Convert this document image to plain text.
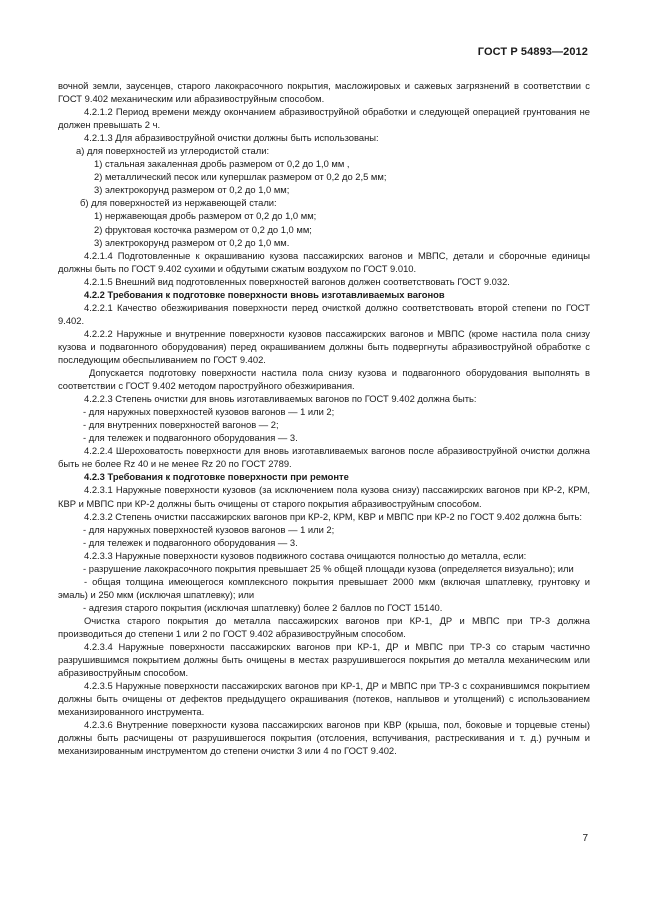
ГОСТ Р 54893—2012

вочной земли, заусенцев, старого лакокрасочного покрытия, масложировых и сажевых загрязнений в соответствии с ГОСТ 9.402 механическим или абразивоструйным способом.

4.2.1.2 Период времени между окончанием абразивоструйной обработки и следующей операцией грунтования не должен превышать 2 ч.

4.2.1.3 Для абразивоструйной очистки должны быть использованы:

а) для поверхностей из углеродистой стали:

1) стальная закаленная дробь размером от 0,2 до 1,0 мм ,

2) металлический песок или купершлак размером от 0,2 до 2,5 мм;

3) электрокорунд размером от 0,2 до 1,0 мм;

б) для поверхностей из нержавеющей стали:

1) нержавеющая дробь размером от 0,2 до 1,0 мм;

2) фруктовая косточка размером от 0,2 до 1,0 мм;

3) электрокорунд размером от 0,2 до 1,0 мм.

4.2.1.4 Подготовленные к окрашиванию кузова пассажирских вагонов и МВПС, детали и сборочные единицы должны быть по ГОСТ 9.402 сухими и обдутыми сжатым воздухом по ГОСТ 9.010.

4.2.1.5 Внешний вид подготовленных поверхностей вагонов должен соответствовать ГОСТ 9.032.

4.2.2 Требования к подготовке поверхности вновь изготавливаемых вагонов

4.2.2.1 Качество обезжиривания поверхности перед очисткой должно соответствовать второй степени по ГОСТ 9.402.

4.2.2.2 Наружные и внутренние поверхности кузовов пассажирских вагонов и МВПС (кроме настила пола снизу кузова и подвагонного оборудования) перед окрашиванием должны быть подвергнуты абразивоструйной обработке с последующим обеспыливанием по ГОСТ 9.402.

Допускается подготовку поверхности настила пола снизу кузова и подвагонного оборудования выполнять в соответствии с ГОСТ 9.402 методом пароструйного обезжиривания.

4.2.2.3 Степень очистки для вновь изготавливаемых вагонов по ГОСТ 9.402 должна быть:

- для наружных поверхностей кузовов вагонов — 1 или 2;

- для внутренних поверхностей вагонов — 2;

- для тележек и подвагонного оборудования — 3.

4.2.2.4 Шероховатость поверхности для вновь изготавливаемых вагонов после абразивоструйной очистки должна быть не более Rz 40 и не менее Rz 20 по ГОСТ 2789.

4.2.3 Требования к подготовке поверхности при ремонте

4.2.3.1 Наружные поверхности кузовов (за исключением пола кузова снизу) пассажирских вагонов при КР-2, КРМ, КВР и МВПС при КР-2 должны быть очищены от старого покрытия абразивоструйным способом.

4.2.3.2 Степень очистки пассажирских вагонов при КР-2, КРМ, КВР и МВПС при КР-2 по ГОСТ 9.402 должна быть:

- для наружных поверхностей кузовов вагонов — 1 или 2;

- для тележек и подвагонного оборудования — 3.

4.2.3.3 Наружные поверхности кузовов подвижного состава очищаются полностью до металла, если:

- разрушение лакокрасочного покрытия превышает 25 % общей площади кузова (определяется визуально); или

- общая толщина имеющегося комплексного покрытия превышает 2000 мкм (включая шпатлевку, грунтовку и эмаль) и 250 мкм (исключая шпатлевку); или

- адгезия старого покрытия (исключая шпатлевку) более 2 баллов по ГОСТ 15140.

Очистка старого покрытия до металла пассажирских вагонов при КР-1, ДР и МВПС при ТР-3 должна производиться до степени 1 или 2 по ГОСТ 9.402 абразивоструйным способом.

4.2.3.4 Наружные поверхности пассажирских вагонов при КР-1, ДР и МВПС при ТР-3 со старым частично разрушившимся покрытием должны быть очищены в местах разрушившегося покрытия до металла механическим или абразивоструйным способом.

4.2.3.5 Наружные поверхности пассажирских вагонов при КР-1, ДР и МВПС при ТР-3 с сохранившимся покрытием должны быть очищены от дефектов предыдущего окрашивания (потеков, наплывов и утолщений) с использованием механизированного инструмента.

4.2.3.6 Внутренние поверхности кузова пассажирских вагонов при КВР (крыша, пол, боковые и торцевые стены) должны быть расчищены от разрушившегося покрытия (отслоения, вспучивания, растрескивания и т. д.) ручным и механизированным инструментом до степени очистки 3 или 4 по ГОСТ 9.402.

7
